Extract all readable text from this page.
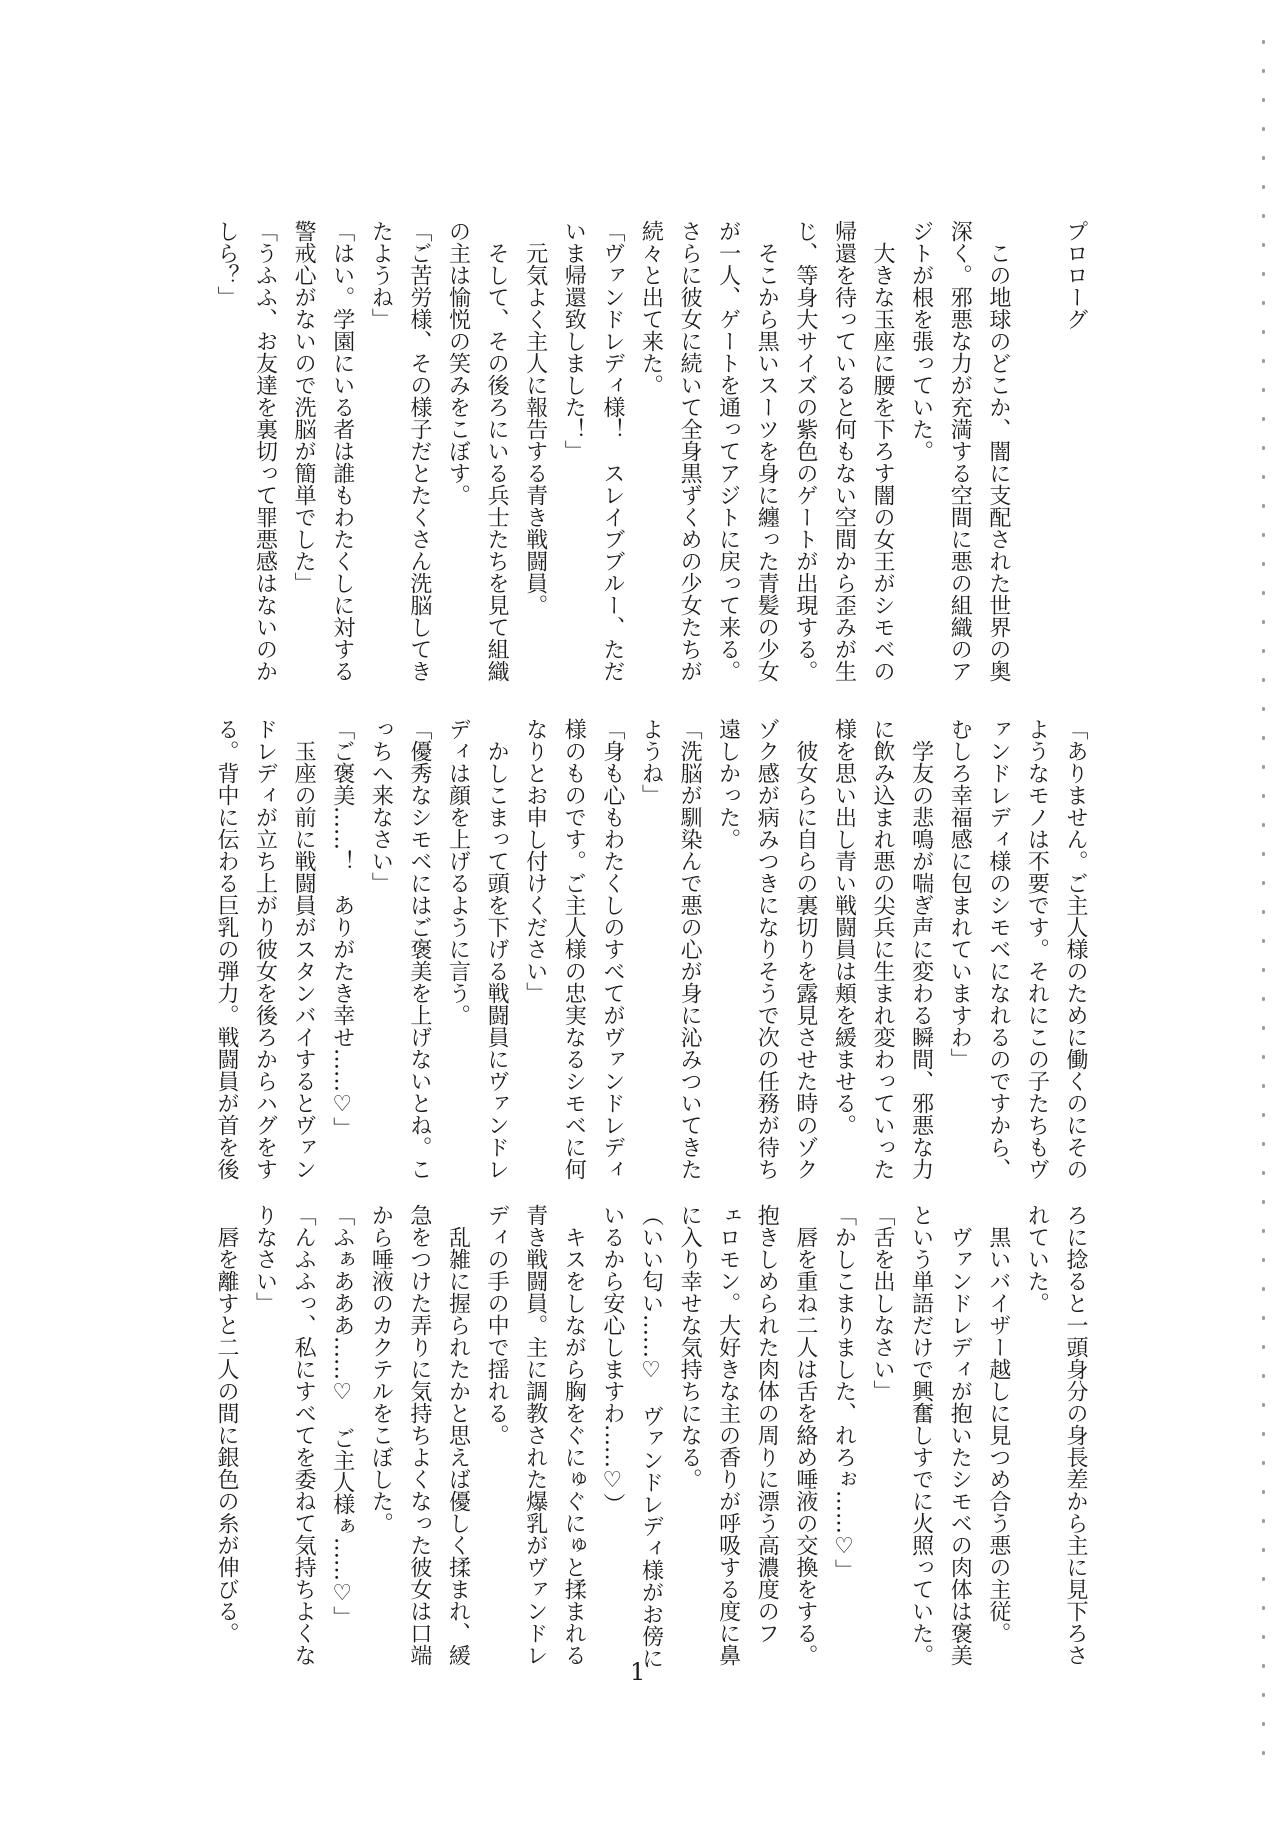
プロローグ

　この地球のどこか、闇に支配された世界の奥
深く。邪悪な力が充満する空間に悪の組織のア
ジトが根を張っていた。
　大きな玉座に腰を下ろす闇の女王がシモベの
帰還を待っていると何もない空間から歪みが生
じ、等身大サイズの紫色のゲートが出現する。
　そこから黒いスーツを身に纏った青髪の少女
が一人、ゲートを通ってアジトに戻って来る。
さらに彼女に続いて全身黒ずくめの少女たちが
続々と出て来た。
「ヴァンドレディ様！　スレイブブルー、ただ
いま帰還致しました！」
　元気よく主人に報告する青き戦闘員。
　そして、その後ろにいる兵士たちを見て組織
の主は愉悦の笑みをこぼす。
「ご苦労様、その様子だとたくさん洗脳してき
たようね」
「はい。学園にいる者は誰もわたくしに対する
警戒心がないので洗脳が簡単でした」
「うふふ、お友達を裏切って罪悪感はないのか
しら？」
「ありません。ご主人様のために働くのにその
ようなモノは不要です。それにこの子たちもヴ
ァンドレディ様のシモベになれるのですから、
むしろ幸福感に包まれていますわ」
　学友の悲鳴が喘ぎ声に変わる瞬間、邪悪な力
に飲み込まれ悪の尖兵に生まれ変わっていった
様を思い出し青い戦闘員は頬を緩ませる。
　彼女らに自らの裏切りを露見させた時のゾク
ゾク感が病みつきになりそうで次の任務が待ち
遠しかった。
「洗脳が馴染んで悪の心が身に沁みついてきた
ようね」
「身も心もわたくしのすべてがヴァンドレディ
様のものです。ご主人様の忠実なるシモベに何
なりとお申し付けください」
　かしこまって頭を下げる戦闘員にヴァンドレ
ディは顔を上げるように言う。
「優秀なシモベにはご褒美を上げないとね。こ
っちへ来なさい」
「ご褒美……！　ありがたき幸せ……♡」
　玉座の前に戦闘員がスタンバイするとヴァン
ドレディが立ち上がり彼女を後ろからハグをす
る。背中に伝わる巨乳の弾力。戦闘員が首を後
ろに捻ると一頭身分の身長差から主に見下ろさ
れていた。
　黒いバイザー越しに見つめ合う悪の主従。
　ヴァンドレディが抱いたシモベの肉体は褒美
という単語だけで興奮しすでに火照っていた。
「舌を出しなさい」
「かしこまりました、れろぉ……♡」
　唇を重ね二人は舌を絡め唾液の交換をする。
抱きしめられた肉体の周りに漂う高濃度のフ
ェロモン。大好きな主の香りが呼吸する度に鼻
に入り幸せな気持ちになる。
（いい匂い……♡　ヴァンドレディ様がお傍に
いるから安心しますわ……♡）
　キスをしながら胸をぐにゅぐにゅと揉まれる
青き戦闘員。主に調教された爆乳がヴァンドレ
ディの手の中で揺れる。
　乱雑に握られたかと思えば優しく揉まれ、緩
急をつけた弄りに気持ちよくなった彼女は口端
から唾液のカクテルをこぼした。
「ふぁあああ……♡　ご主人様ぁ……♡」
「んふふっ、私にすべてを委ねて気持ちよくな
りなさい」
　唇を離すと二人の間に銀色の糸が伸びる。
1
